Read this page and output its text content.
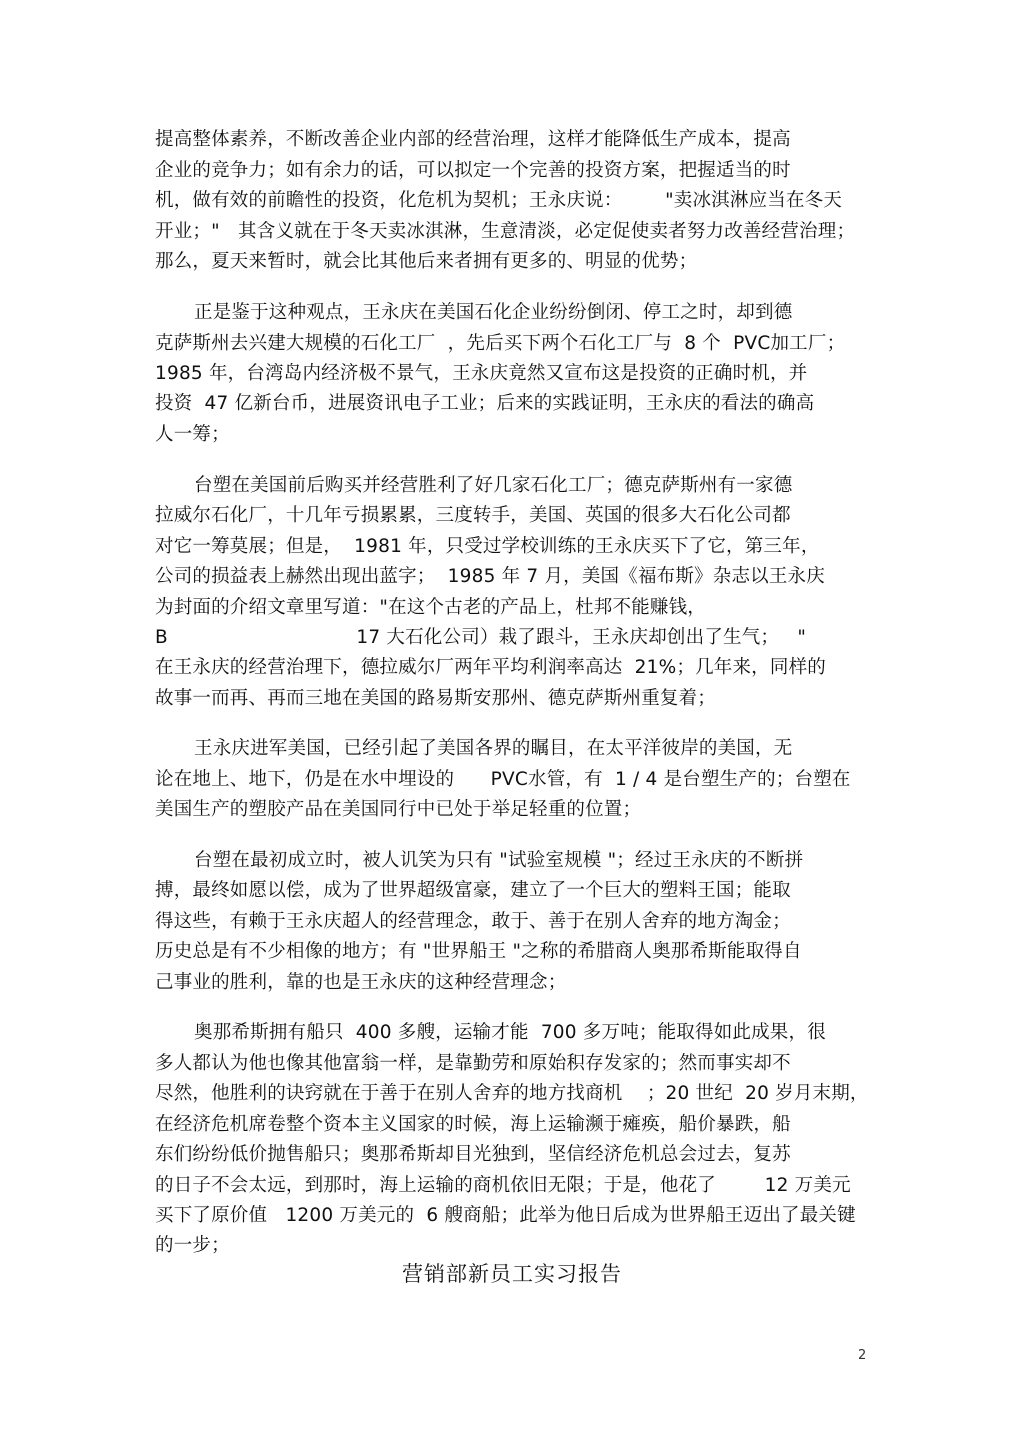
提高整体素养，不断改善企业内部的经营治理，这样才能降低生产成本，提高
企业的竞争力；如有余力的话，可以拟定一个完善的投资方案，把握适当的时
机，做有效的前瞻性的投资，化危机为契机；王永庆说：       "卖冰淇淋应当在冬天
开业；"   其含义就在于冬天卖冰淇淋，生意清淡，必定促使卖者努力改善经营治理；
那么，夏天来暂时，就会比其他后来者拥有更多的、明显的优势；
正是鉴于这种观点，王永庆在美国石化企业纷纷倒闭、停工之时，却到德
克萨斯州去兴建大规模的石化工厂  ，先后买下两个石化工厂与  8 个  PVC加工厂；
1985 年，台湾岛内经济极不景气，王永庆竟然又宣布这是投资的正确时机，并
投资  47 亿新台币，进展资讯电子工业；后来的实践证明，王永庆的看法的确高
人一筹；
台塑在美国前后购买并经营胜利了好几家石化工厂；德克萨斯州有一家德
拉威尔石化厂，十几年亏损累累，三度转手，美国、英国的很多大石化公司都
对它一筹莫展；但是，  1981 年，只受过学校训练的王永庆买下了它，第三年，
公司的损益表上赫然出现出蓝字；  1985 年 7 月，美国《福布斯》杂志以王永庆
为封面的介绍文章里写道："在这个古老的产品上，杜邦不能赚钱，
B                               17 大石化公司）栽了跟斗，王永庆却创出了生气；   "
在王永庆的经营治理下，德拉威尔厂两年平均利润率高达  21%；几年来，同样的
故事一而再、再而三地在美国的路易斯安那州、德克萨斯州重复着；
王永庆进军美国，已经引起了美国各界的瞩目，在太平洋彼岸的美国，无
论在地上、地下，仍是在水中埋设的      PVC水管，有  1 / 4 是台塑生产的；台塑在
美国生产的塑胶产品在美国同行中已处于举足轻重的位置；
台塑在最初成立时，被人讥笑为只有 "试验室规模 "；经过王永庆的不断拼
搏，最终如愿以偿，成为了世界超级富豪，建立了一个巨大的塑料王国；能取
得这些，有赖于王永庆超人的经营理念，敢于、善于在别人舍弃的地方淘金；
历史总是有不少相像的地方；有 "世界船王 "之称的希腊商人奥那希斯能取得自
己事业的胜利，靠的也是王永庆的这种经营理念；
奥那希斯拥有船只  400 多艘，运输才能  700 多万吨；能取得如此成果，很
多人都认为他也像其他富翁一样，是靠勤劳和原始积存发家的；然而事实却不
尽然，他胜利的诀窍就在于善于在别人舍弃的地方找商机    ；20 世纪  20 岁月末期，
在经济危机席卷整个资本主义国家的时候，海上运输濒于瘫痪，船价暴跌，船
东们纷纷低价抛售船只；奥那希斯却目光独到，坚信经济危机总会过去，复苏
的日子不会太远，到那时，海上运输的商机依旧无限；于是，他花了        12 万美元
买下了原价值   1200 万美元的  6 艘商船；此举为他日后成为世界船王迈出了最关键
的一步；
营销部新员工实习报告
2
